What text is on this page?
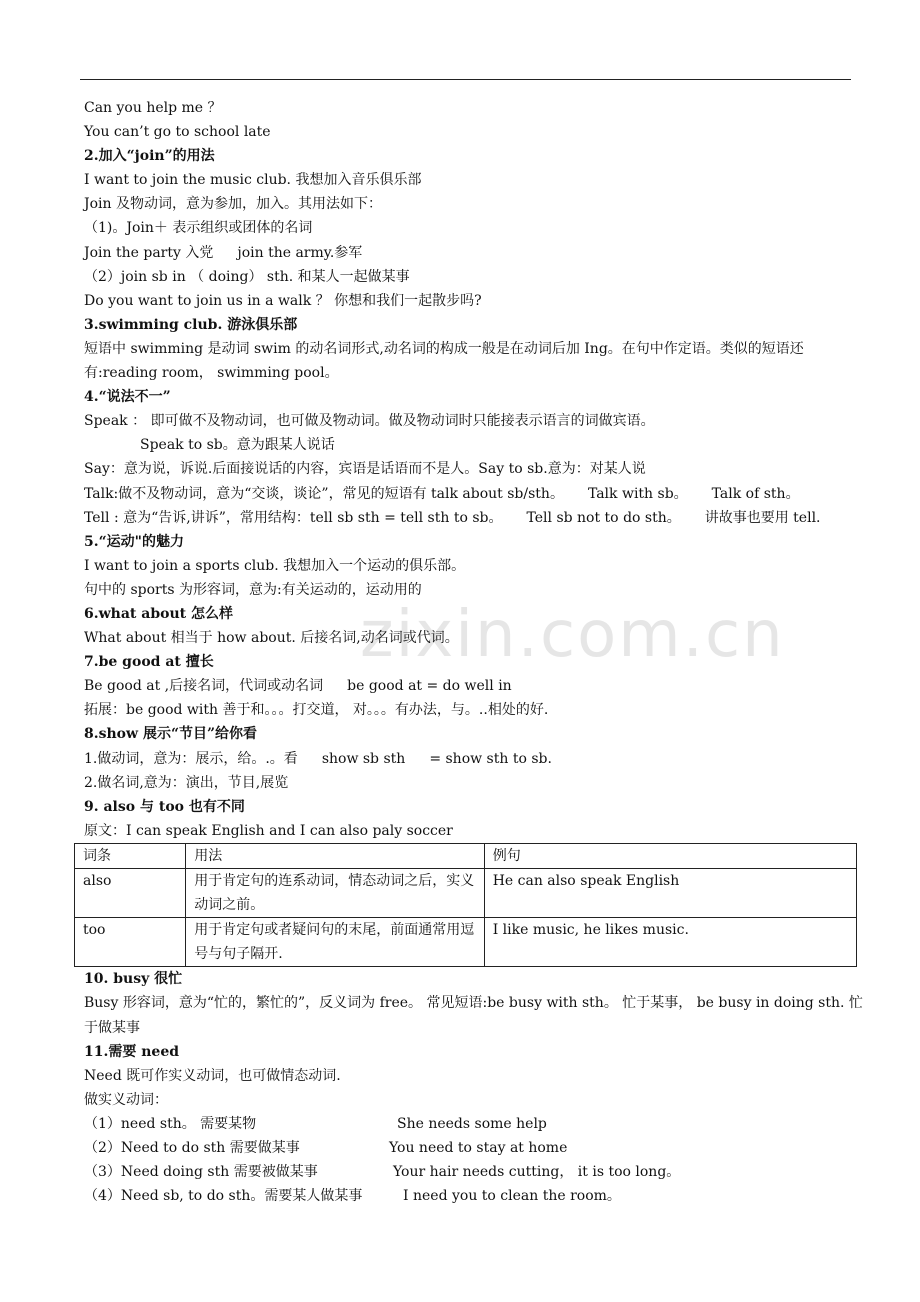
zixin.com.cn
Can you help me ？
You can’t go to school late
2.加入“join”的用法
I want to join the music club. 我想加入音乐俱乐部
Join 及物动词，意为参加，加入。其用法如下：
（1)。Join＋ 表示组织或团体的名词
Join the party 入党 join the army.参军
（2）join sb in （ doing） sth. 和某人一起做某事
Do you want to join us in a walk ？ 你想和我们一起散步吗?
3.swimming club. 游泳俱乐部
短语中 swimming 是动词 swim 的动名词形式,动名词的构成一般是在动词后加 Ing。在句中作定语。类似的短语还有:reading room， swimming pool。
4.“说法不一”
Speak ： 即可做不及物动词，也可做及物动词。做及物动词时只能接表示语言的词做宾语。
Speak to sb。意为跟某人说话
Say：意为说，诉说.后面接说话的内容，宾语是话语而不是人。Say to sb.意为：对某人说
Talk:做不及物动词，意为“交谈，谈论”，常见的短语有 talk about sb/sth。 Talk with sb。 Talk of sth。
Tell : 意为“告诉,讲诉”，常用结构：tell sb sth = tell sth to sb。 Tell sb not to do sth。 讲故事也要用 tell.
5.“运动"的魅力
I want to join a sports club. 我想加入一个运动的俱乐部。
句中的 sports 为形容词，意为:有关运动的，运动用的
6.what about 怎么样
What about 相当于 how about. 后接名词,动名词或代词。
7.be good at 擅长
Be good at ,后接名词，代词或动名词 be good at = do well in
拓展：be good with 善于和。。。打交道， 对。。。有办法，与。..相处的好.
8.show 展示“节目”给你看
1.做动词，意为：展示，给。.。看 show sb sth = show sth to sb.
2.做名词,意为：演出，节目,展览
9. also 与 too 也有不同
原文：I can speak English and I can also paly soccer
词条	用法	例句
also	用于肯定句的连系动词，情态动词之后，实义动词之前。	He can also speak English
too	用于肯定句或者疑问句的末尾，前面通常用逗号与句子隔开.	I like music, he likes music.
10. busy 很忙
Busy 形容词，意为“忙的，繁忙的”，反义词为 free。 常见短语:be busy with sth。 忙于某事， be busy in doing sth. 忙于做某事
11.需要 need
Need 既可作实义动词，也可做情态动词.
做实义动词：
（1）need sth。 需要某物	She needs some help
（2）Need to do sth 需要做某事	You need to stay at home
（3）Need doing sth 需要被做某事	Your hair needs cutting， it is too long。
（4）Need sb, to do sth。需要某人做某事	I need you to clean the room。
